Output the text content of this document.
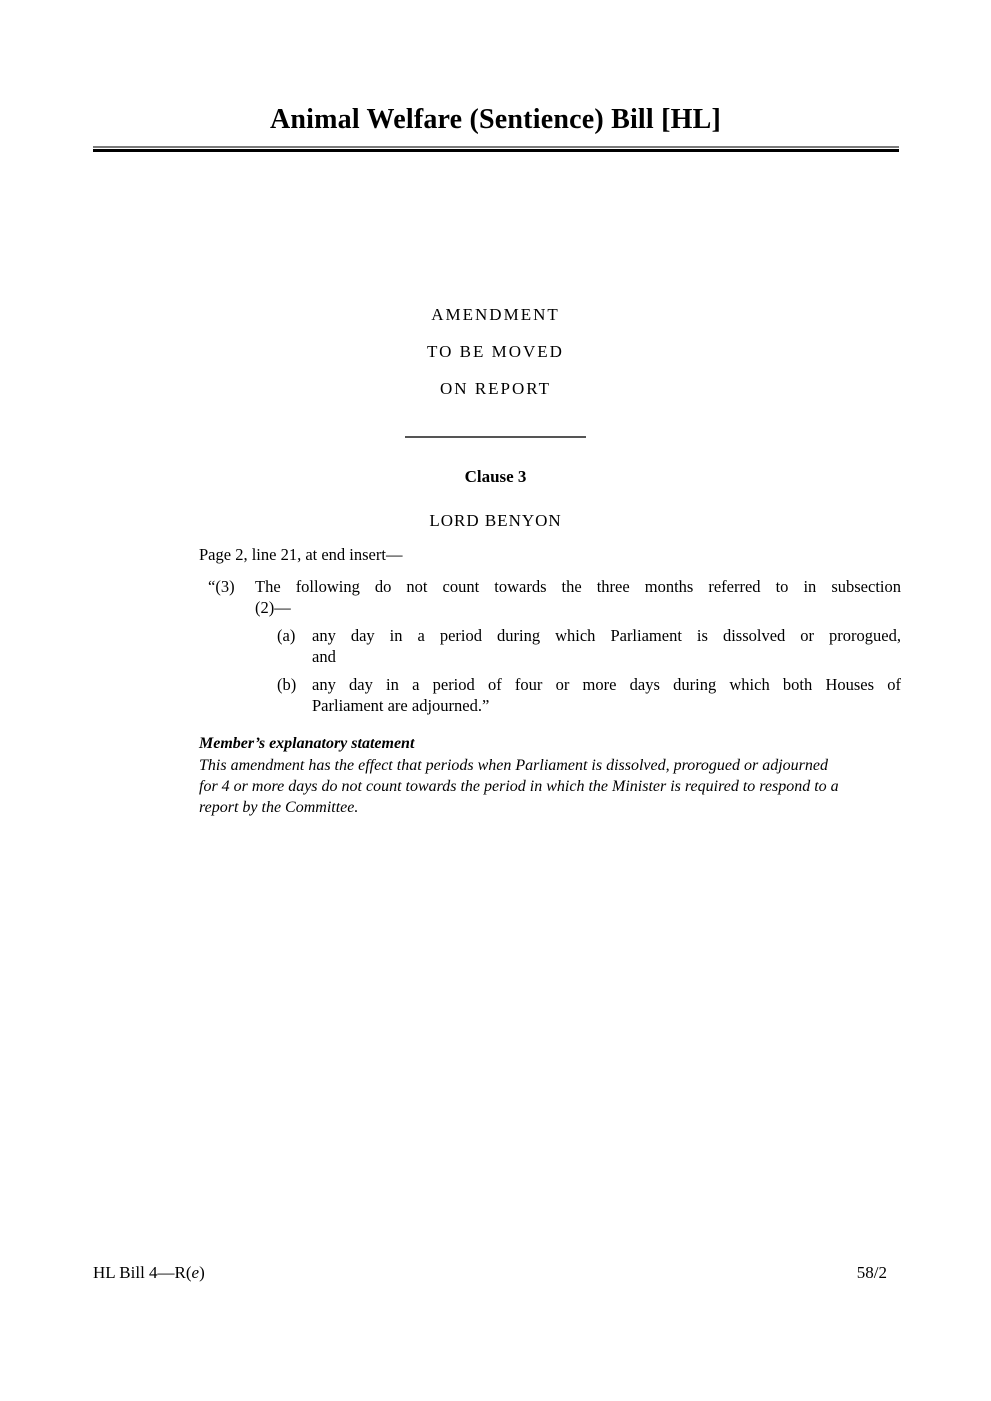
Animal Welfare (Sentience) Bill [HL]
AMENDMENT
TO BE MOVED
ON REPORT
Clause 3
LORD BENYON
Page 2, line 21, at end insert—
“(3) The following do not count towards the three months referred to in subsection
(2)—
(a) any day in a period during which Parliament is dissolved or prorogued,
and
(b) any day in a period of four or more days during which both Houses of
Parliament are adjourned.”
Member’s explanatory statement
This amendment has the effect that periods when Parliament is dissolved, prorogued or adjourned for 4 or more days do not count towards the period in which the Minister is required to respond to a report by the Committee.
HL Bill 4—R(e)	58/2
